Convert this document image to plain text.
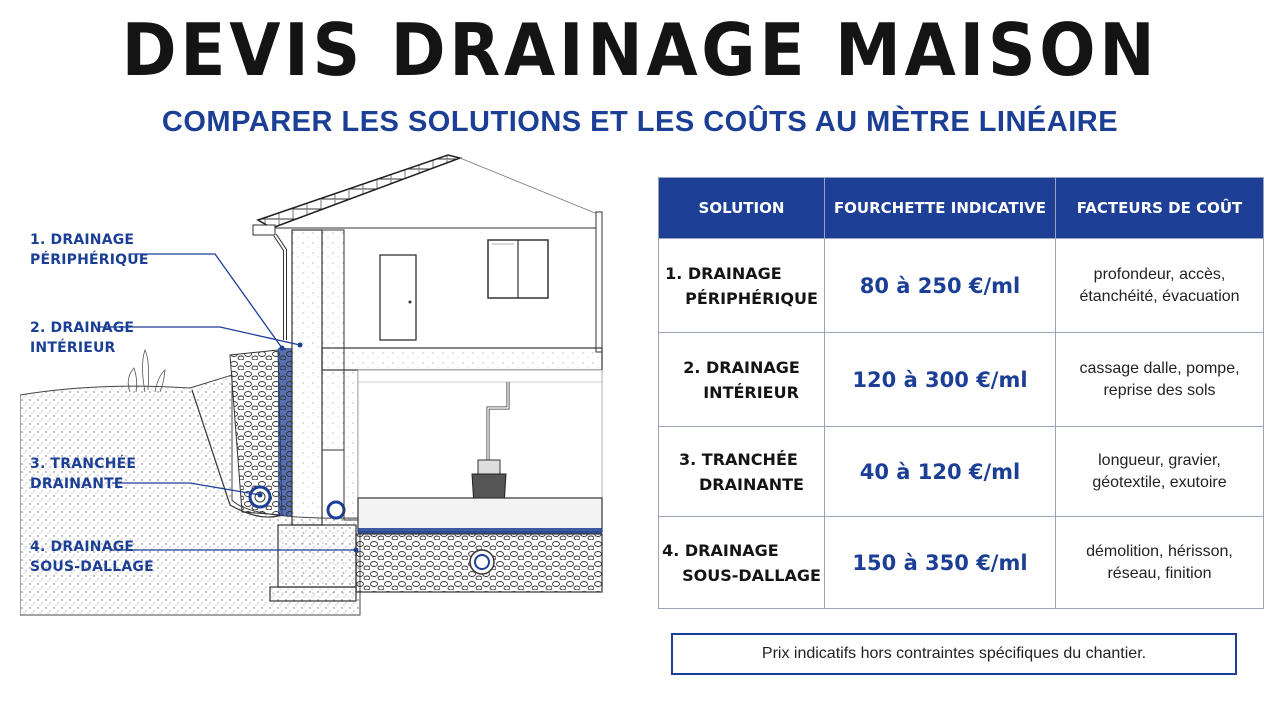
DEVIS DRAINAGE MAISON
COMPARER LES SOLUTIONS ET LES COÛTS AU MÈTRE LINÉAIRE
1. DRAINAGE
PÉRIPHÉRIQUE
2. DRAINAGE
INTÉRIEUR
3. TRANCHÉE
DRAINANTE
4. DRAINAGE
SOUS-DALLAGE
SOLUTION	FOURCHETTE INDICATIVE	FACTEURS DE COÛT

1. DRAINAGE
PÉRIPHÉRIQUE	80 à 250 €/ml	profondeur, accès,
étanchéité, évacuation

2. DRAINAGE
INTÉRIEUR	120 à 300 €/ml	cassage dalle, pompe,
reprise des sols

3. TRANCHÉE
DRAINANTE	40 à 120 €/ml	longueur, gravier,
géotextile, exutoire

4. DRAINAGE
SOUS-DALLAGE	150 à 350 €/ml	démolition, hérisson,
réseau, finition
Prix indicatifs hors contraintes spécifiques du chantier.
